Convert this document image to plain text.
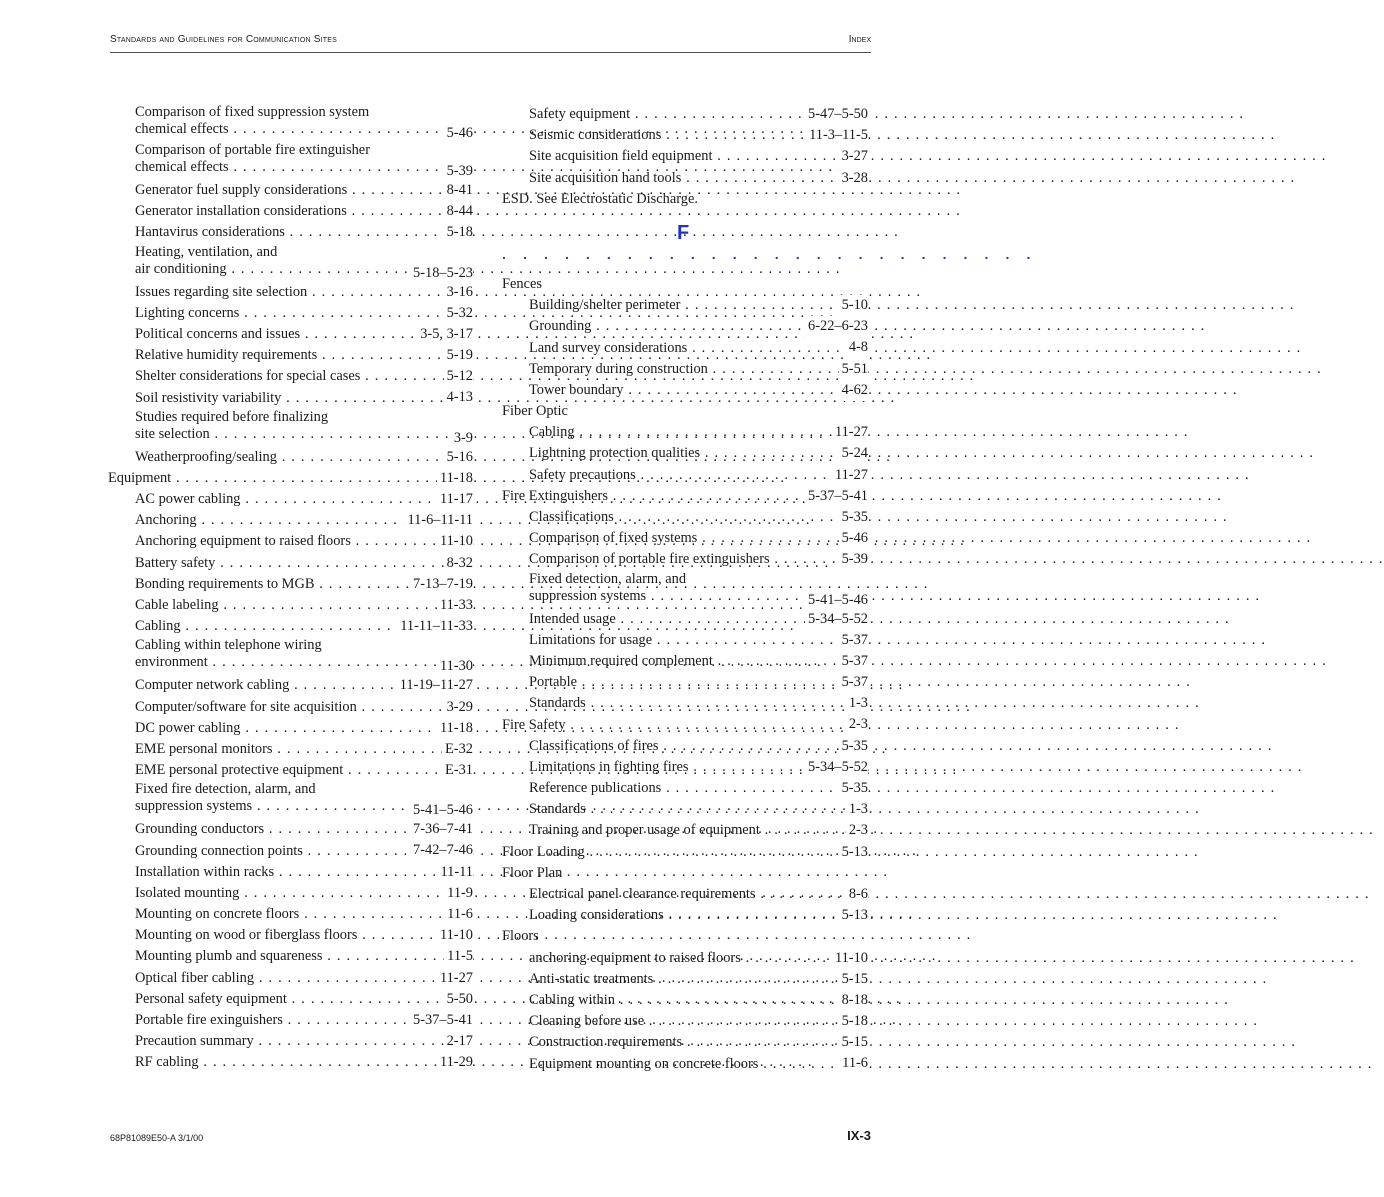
Standards and Guidelines for Communication Sites	Index
Comparison of fixed suppression system
chemical effects . . .	5-46
Comparison of portable fire extinguisher
chemical effects . . .	5-39
Generator fuel supply considerations . . .	8-41
Generator installation considerations . . .	8-44
Hantavirus considerations . . .	5-18
Heating, ventilation, and
air conditioning . . .	5-18–5-23
Issues regarding site selection . . .	3-16
Lighting concerns . . .	5-32
Political concerns and issues . . .	3-5, 3-17
Relative humidity requirements . . .	5-19
Shelter considerations for special cases . . .	5-12
Soil resistivity variability . . .	4-13
Studies required before finalizing
site selection . . .	3-9
Weatherproofing/sealing . . .	5-16
Equipment . . .	11-18
AC power cabling . . .	11-17
Anchoring . . .	11-6–11-11
Anchoring equipment to raised floors . . .	11-10
Battery safety . . .	8-32
Bonding requirements to MGB . . .	7-13–7-19
Cable labeling . . .	11-33
Cabling . . .	11-11–11-33
Cabling within telephone wiring
environment . . .	11-30
Computer network cabling . . .	11-19–11-27
Computer/software for site acquisition . . .	3-29
DC power cabling . . .	11-18
EME personal monitors . . .	E-32
EME personal protective equipment . . .	E-31
Fixed fire detection, alarm, and
suppression systems . . .	5-41–5-46
Grounding conductors . . .	7-36–7-41
Grounding connection points . . .	7-42–7-46
Installation within racks . . .	11-11
Isolated mounting . . .	11-9
Mounting on concrete floors . . .	11-6
Mounting on wood or fiberglass floors . . .	11-10
Mounting plumb and squareness . . .	11-5
Optical fiber cabling . . .	11-27
Personal safety equipment . . .	5-50
Portable fire exinguishers . . .	5-37–5-41
Precaution summary . . .	2-17
RF cabling . . .	11-29
Safety equipment . . .	5-47–5-50
Seismic considerations . . .	11-3–11-5
Site acquisition field equipment . . .	3-27
Site acquisition hand tools . . .	3-28
ESD. See Electrostatic Discharge.
F
. . . . . . . . . . . . . . . . . . . . . . . . . .
Fences
Building/shelter perimeter . . .	5-10
Grounding . . .	6-22–6-23
Land survey considerations . . .	4-8
Temporary during construction . . .	5-51
Tower boundary . . .	4-62
Fiber Optic
Cabling . . .	11-27
Lightning protection qualities . . .	5-24
Safety precautions . . .	11-27
Fire Extinguishers . . .	5-37–5-41
Classifications . . .	5-35
Comparison of fixed systems . . .	5-46
Comparison of portable fire extinguishers . . .	5-39
Fixed detection, alarm, and
suppression systems . . .	5-41–5-46
Intended usage . . .	5-34–5-52
Limitations for usage . . .	5-37
Minimum required complement . . .	5-37
Portable . . .	5-37
Standards . . .	1-3
Fire Safety . . .	2-3
Classifications of fires . . .	5-35
Limitations in fighting fires . . .	5-34–5-52
Reference publications . . .	5-35
Standards . . .	1-3
Training and proper usage of equipment . . .	2-3
Floor Loading . . .	5-13
Floor Plan
Electrical panel clearance requirements . . .	8-6
Loading considerations . . .	5-13
Floors
anchoring equipment to raised floors . . .	11-10
Anti-static treatments . . .	5-15
Cabling within . . .	8-18
Cleaning before use . . .	5-18
Construction requirements . . .	5-15
Equipment mounting on concrete floors . . .	11-6
68P81089E50-A 3/1/00	IX-3
